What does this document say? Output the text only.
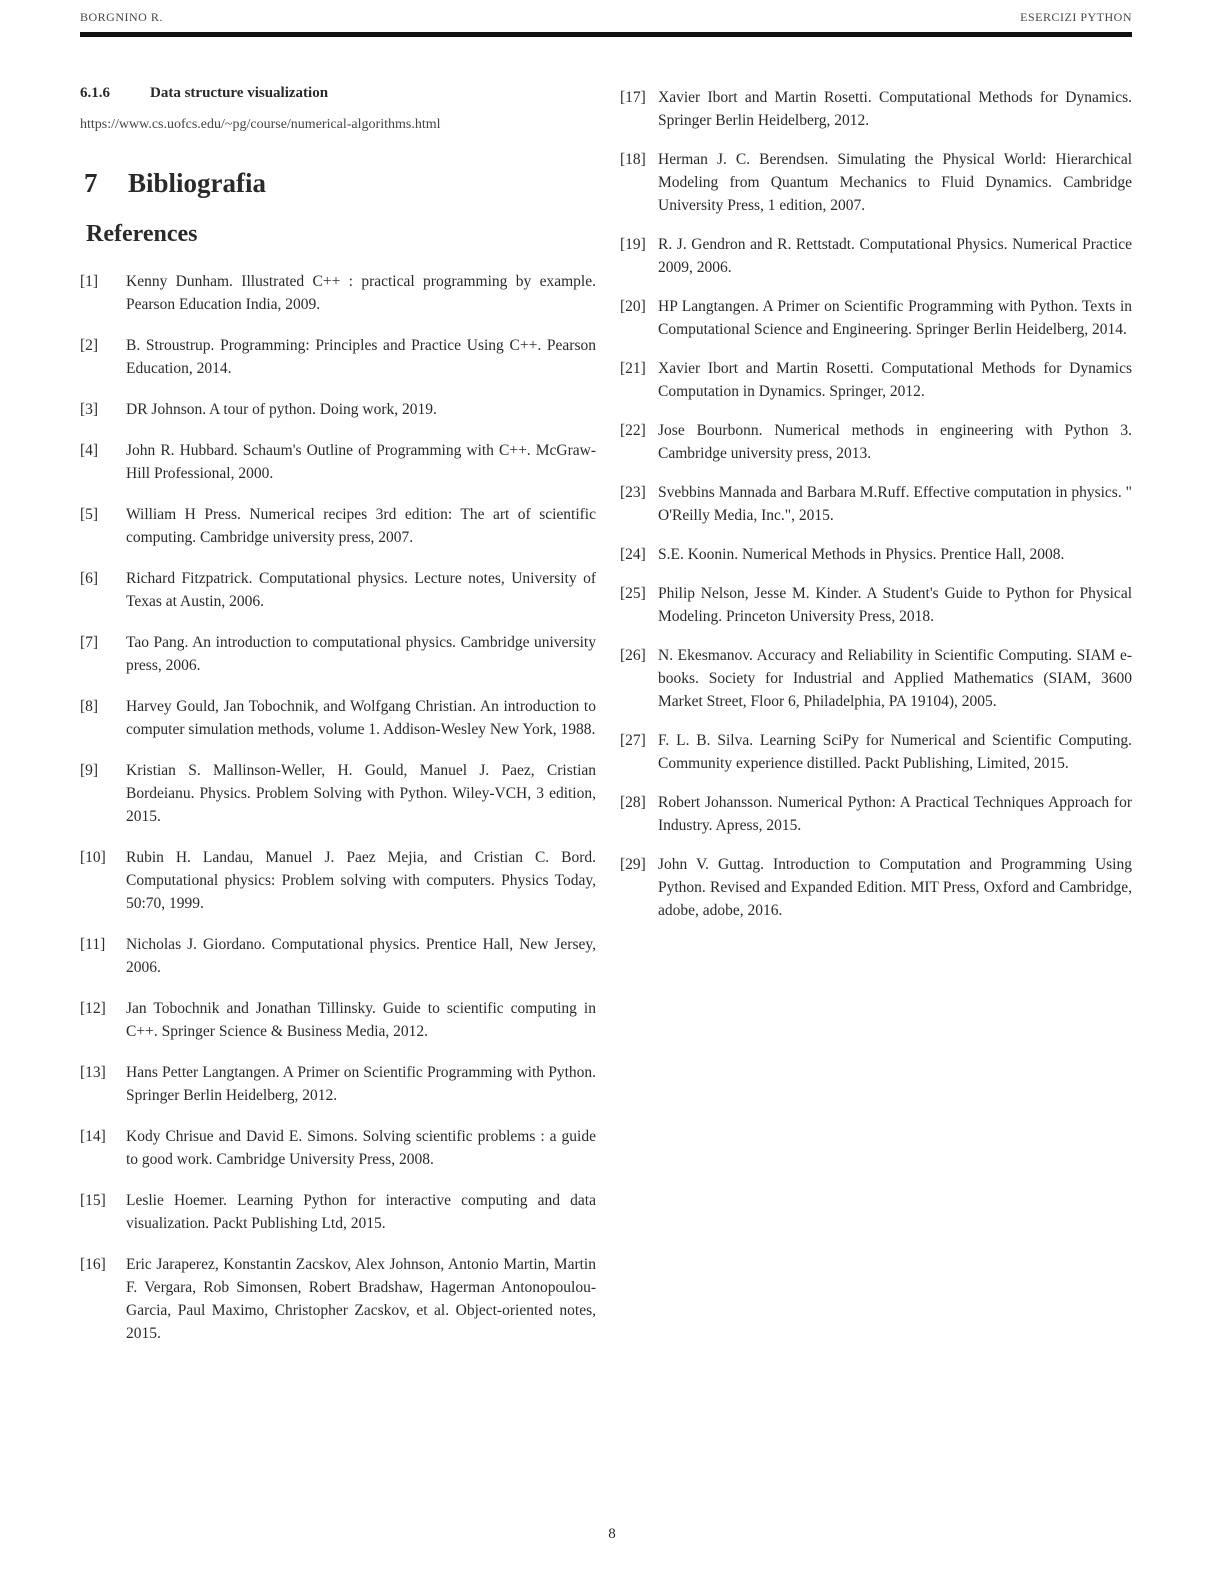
BORGNINO R.	ESERCIZI PYTHON
6.1.6	Data structure visualization
https://www.cs.uofcs.edu/~pg/course/numerical-algorithms.html
7 Bibliografia
References
[1]	Kenny Dunham. Illustrated C++ : practical programming by example. Pearson Education India, 2009.
[2]	B. Stroustrup. Programming: Principles and Practice Using C++. Pearson Education, 2014.
[3]	DR Johnson. A tour of python. Doing work, 2019.
[4]	John R. Hubbard. Schaum's Outline of Programming with C++. McGraw-Hill Professional, 2000.
[5]	William H Press. Numerical recipes 3rd edition: The art of scientific computing. Cambridge university press, 2007.
[6]	Richard Fitzpatrick. Computational physics. Lecture notes, University of Texas at Austin, 2006.
[7]	Tao Pang. An introduction to computational physics. Cambridge university press, 2006.
[8]	Harvey Gould, Jan Tobochnik, and Wolfgang Christian. An introduction to computer simulation methods, volume 1. Addison-Wesley New York, 1988.
[9]	Kristian S. Mallinson-Weller, H. Gould, Manuel J. Paez, Cristian Bordeianu. Physics. Problem Solving with Python. Wiley-VCH, 3 edition, 2015.
[10]	Rubin H. Landau, Manuel J. Paez Mejia, and Cristian C. Bord. Computational physics: Problem solving with computers. Physics Today, 50:70, 1999.
[11]	Nicholas J. Giordano. Computational physics. Prentice Hall, New Jersey, 2006.
[12]	Jan Tobochnik and Jonathan Tillinsky. Guide to scientific computing in C++. Springer Science & Business Media, 2012.
[13]	Hans Petter Langtangen. A Primer on Scientific Programming with Python. Springer Berlin Heidelberg, 2012.
[14]	Kody Chrisue and David E. Simons. Solving scientific problems : a guide to good work. Cambridge University Press, 2008.
[15]	Leslie Hoemer. Learning Python for interactive computing and data visualization. Packt Publishing Ltd, 2015.
[16]	Eric Jaraperez, Konstantin Zacskov, Alex Johnson, Antonio Martin, Martin F. Vergara, Rob Simonsen, Robert Bradshaw, Hagerman Antonopoulou-Garcia, Paul Maximo, Christopher Zacskov, et al. Object-oriented notes, 2015.
[17] Xavier Ibort and Martin Rosetti. Computational Methods for Dynamics. Springer Berlin Heidelberg, 2012.
[18] Herman J. C. Berendsen. Simulating the Physical World: Hierarchical Modeling from Quantum Mechanics to Fluid Dynamics. Cambridge University Press, 1 edition, 2007.
[19] R. J. Gendron and R. Rettstadt. Computational Physics. Numerical Practice 2009, 2006.
[20] HP Langtangen. A Primer on Scientific Programming with Python. Texts in Computational Science and Engineering. Springer Berlin Heidelberg, 2014.
[21] Xavier Ibort and Martin Rosetti. Computational Methods for Dynamics Computation in Dynamics. Springer, 2012.
[22] Jose Bourbonn. Numerical methods in engineering with Python 3. Cambridge university press, 2013.
[23] Svebbins Mannada and Barbara M.Ruff. Effective computation in physics. " O'Reilly Media, Inc.", 2015.
[24] S.E. Koonin. Numerical Methods in Physics. Prentice Hall, 2008.
[25] Philip Nelson, Jesse M. Kinder. A Student's Guide to Python for Physical Modeling. Princeton University Press, 2018.
[26] N. Ekesmanov. Accuracy and Reliability in Scientific Computing. SIAM e-books. Society for Industrial and Applied Mathematics (SIAM, 3600 Market Street, Floor 6, Philadelphia, PA 19104), 2005.
[27] F. L. B. Silva. Learning SciPy for Numerical and Scientific Computing. Community experience distilled. Packt Publishing, Limited, 2015.
[28] Robert Johansson. Numerical Python: A Practical Techniques Approach for Industry. Apress, 2015.
[29] John V. Guttag. Introduction to Computation and Programming Using Python. Revised and Expanded Edition. MIT Press, Oxford and Cambridge, adobe, adobe, 2016.
8
